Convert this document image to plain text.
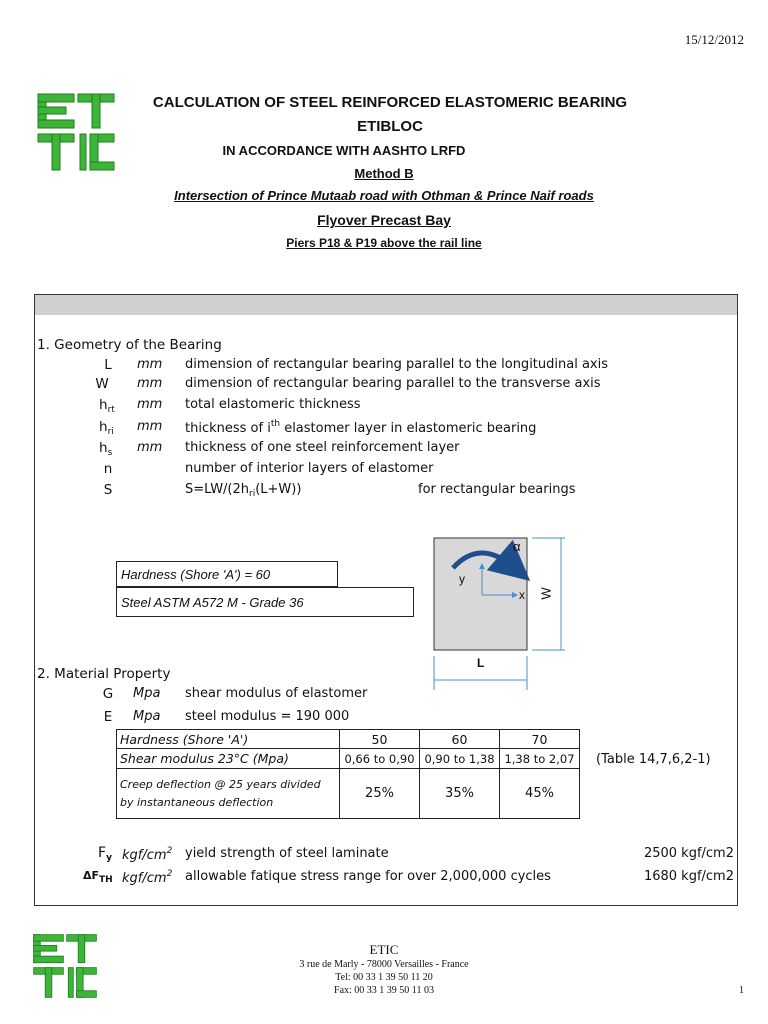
15/12/2012
CALCULATION OF STEEL REINFORCED ELASTOMERIC BEARING
ETIBLOC
IN ACCORDANCE WITH AASHTO LRFD
Method B
Intersection of Prince Mutaab road with Othman & Prince Naif roads
Flyover Precast Bay
Piers P18 & P19 above the rail line
1. Geometry of the Bearing
L	mm dimension of rectangular bearing parallel to the longitudinal axis
W	mm dimension of rectangular bearing parallel to the transverse axis
$h_{rt}$ mm total elastomeric thickness
$h_{ri}$ mm thickness of $i^{th}$ elastomer layer in elastomeric bearing
$h_s$ mm thickness of one steel reinforcement layer
n	number of interior layers of elastomer
S	$S=LW/(2h_{ri}(L+W))$	for rectangular bearings
α
y
x W
L
Hardness (Shore 'A') = 60
Steel ASTM A572 M - Grade 36
2. Material Property
G	Mpa shear modulus of elastomer
E	Mpa steel modulus = 190 000
Hardness (Shore 'A')	50	60	70
Shear modulus 23°C (Mpa)	0,66 to 0,90	0,90 to 1,38	1,38 to 2,07

Creep deflection @ 25 years divided
by instantaneous deflection	25%	35%	45%
(Table 14,7,6,2-1)
$F_y$ kgf/$cm^2$ yield strength of steel laminate	2500 kgf/cm2
$\Delta F_{TH}$ kgf/$cm^2$ allowable fatique stress range for over 2,000,000 cycles	1680 kgf/cm2
ETIC
3 rue de Marly - 78000 Versailles - France
Tel: 00 33 1 39 50 11 20
Fax: 00 33 1 39 50 11 03	1
